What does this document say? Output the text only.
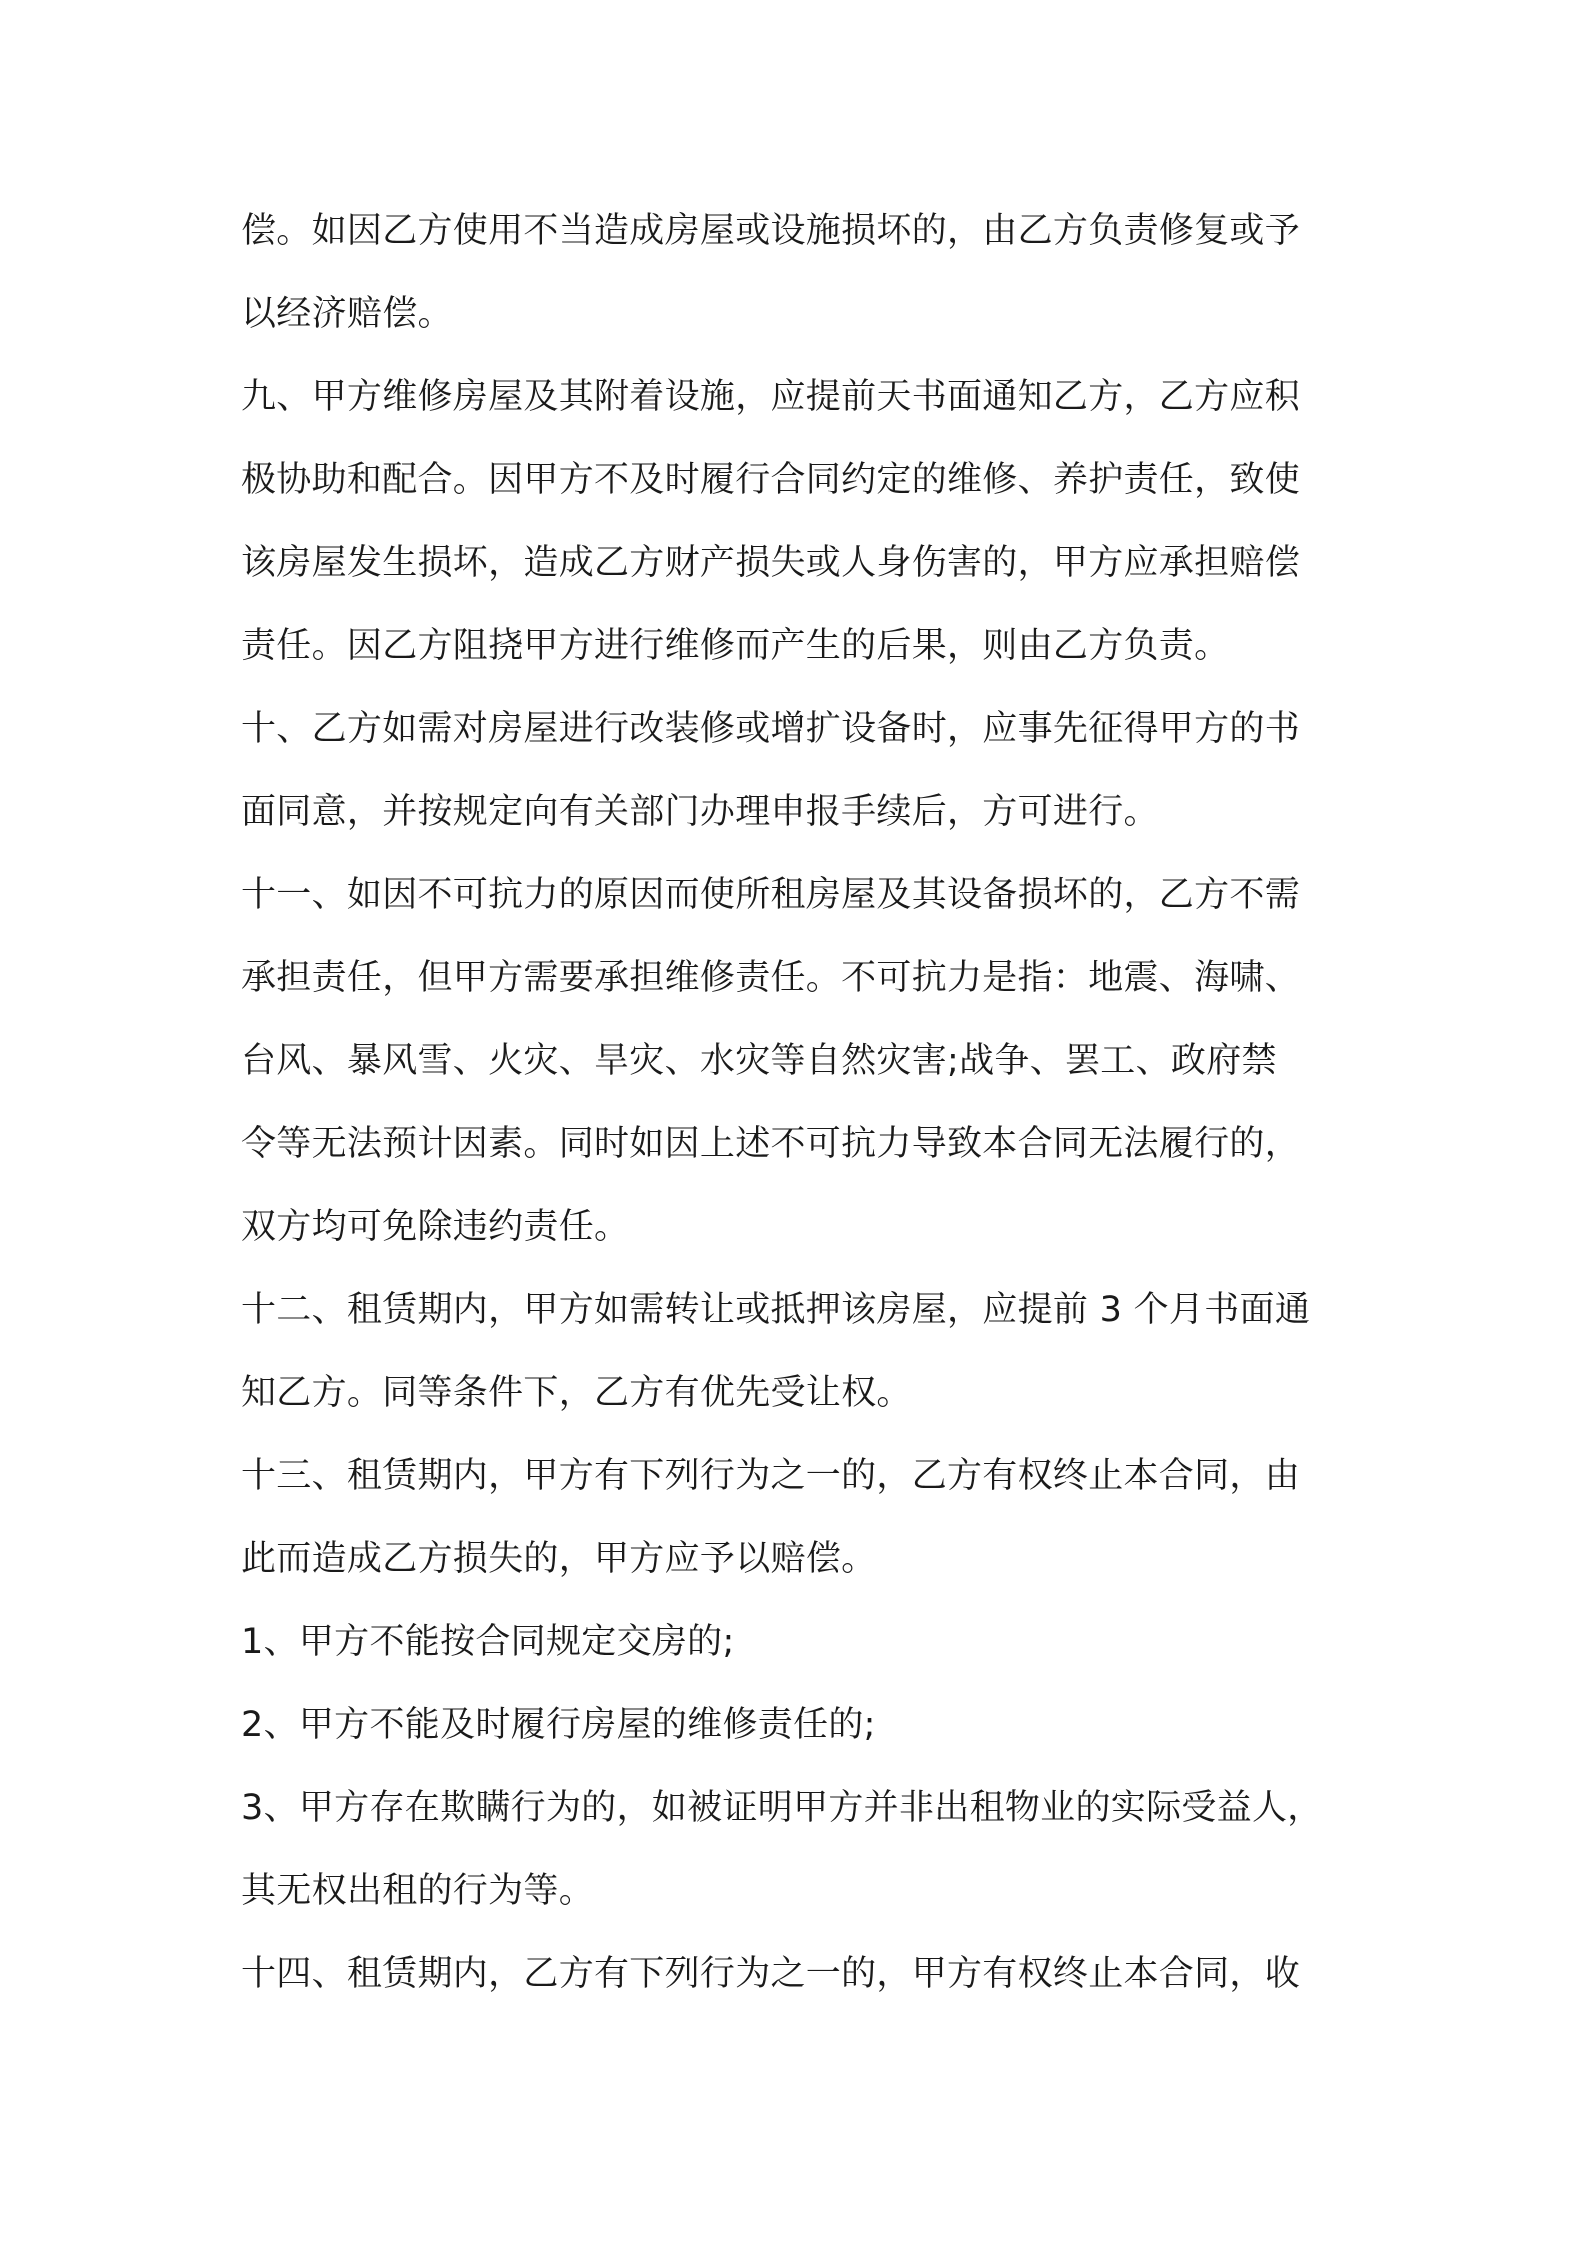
偿。如因乙方使用不当造成房屋或设施损坏的，由乙方负责修复或予
以经济赔偿。
九、甲方维修房屋及其附着设施，应提前天书面通知乙方，乙方应积
极协助和配合。因甲方不及时履行合同约定的维修、养护责任，致使
该房屋发生损坏，造成乙方财产损失或人身伤害的，甲方应承担赔偿
责任。因乙方阻挠甲方进行维修而产生的后果，则由乙方负责。
十、乙方如需对房屋进行改装修或增扩设备时，应事先征得甲方的书
面同意，并按规定向有关部门办理申报手续后，方可进行。
十一、如因不可抗力的原因而使所租房屋及其设备损坏的，乙方不需
承担责任，但甲方需要承担维修责任。不可抗力是指：地震、海啸、
台风、暴风雪、火灾、旱灾、水灾等自然灾害;战争、罢工、政府禁
令等无法预计因素。同时如因上述不可抗力导致本合同无法履行的，
双方均可免除违约责任。
十二、租赁期内，甲方如需转让或抵押该房屋，应提前 3 个月书面通
知乙方。同等条件下，乙方有优先受让权。
十三、租赁期内，甲方有下列行为之一的，乙方有权终止本合同，由
此而造成乙方损失的，甲方应予以赔偿。
1、甲方不能按合同规定交房的;
2、甲方不能及时履行房屋的维修责任的;
3、甲方存在欺瞒行为的，如被证明甲方并非出租物业的实际受益人，
其无权出租的行为等。
十四、租赁期内，乙方有下列行为之一的，甲方有权终止本合同，收
